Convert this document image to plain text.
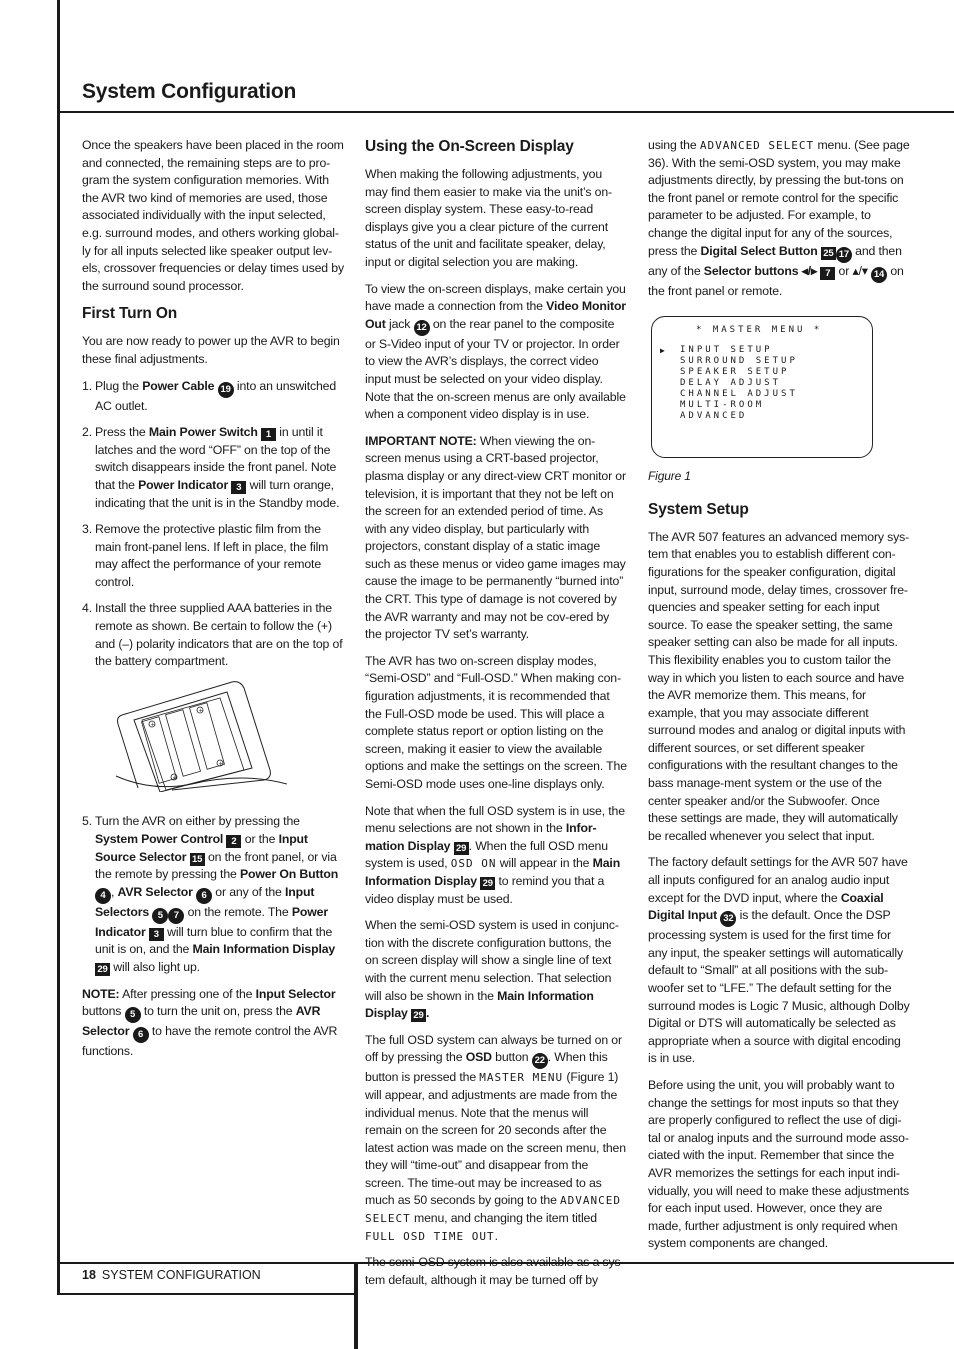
System Configuration

Once the speakers have been placed in the room and connected, the remaining steps are to pro-gram the system configuration memories. With the AVR two kind of memories are used, those associated individually with the input selected, e.g. surround modes, and others working global-ly for all inputs selected like speaker output lev-els, crossover frequencies or delay times used by the surround sound processor.

First Turn On

You are now ready to power up the AVR to begin these final adjustments.

1. Plug the Power Cable 19 into an unswitched AC outlet.
2. Press the Main Power Switch 1 in until it latches and the word “OFF” on the top of the switch disappears inside the front panel. Note that the Power Indicator 3 will turn orange, indicating that the unit is in the Standby mode.
3. Remove the protective plastic film from the main front-panel lens. If left in place, the film may affect the performance of your remote control.
4. Install the three supplied AAA batteries in the remote as shown. Be certain to follow the (+) and (–) polarity indicators that are on the top of the battery compartment.
+
+
+
+
5. Turn the AVR on either by pressing the System Power Control 2 or the Input Source Selector 15 on the front panel, or via the remote by pressing the Power On Button 4 , AVR Selector 6 or any of the Input Selectors 5 7 on the remote. The Power Indicator 3 will turn blue to confirm that the unit is on, and the Main Information Display 29 will also light up.

NOTE: After pressing one of the Input Selector buttons 5 to turn the unit on, press the AVR Selector 6 to have the remote control the AVR functions.

Using the On-Screen Display

When making the following adjustments, you may find them easier to make via the unit’s on-screen display system. These easy-to-read displays give you a clear picture of the current status of the unit and facilitate speaker, delay, input or digital selection you are making.

To view the on-screen displays, make certain you have made a connection from the Video Monitor Out jack 12 on the rear panel to the composite or S-Video input of your TV or projector. In order to view the AVR’s displays, the correct video input must be selected on your video display. Note that the on-screen menus are only available when a component video display is in use.

IMPORTANT NOTE: When viewing the on-screen menus using a CRT-based projector, plasma display or any direct-view CRT monitor or television, it is important that they not be left on the screen for an extended period of time. As with any video display, but particularly with projectors, constant display of a static image such as these menus or video game images may cause the image to be permanently “burned into” the CRT. This type of damage is not covered by the AVR warranty and may not be cov-ered by the projector TV set’s warranty.

The AVR has two on-screen display modes, “Semi-OSD” and “Full-OSD.” When making con-figuration adjustments, it is recommended that the Full-OSD mode be used. This will place a complete status report or option listing on the screen, making it easier to view the available options and make the settings on the screen. The Semi-OSD mode uses one-line displays only.

Note that when the full OSD system is in use, the menu selections are not shown in the Infor-mation Display 29 . When the full OSD menu system is used, OSD ON will appear in the Main Information Display 29 to remind you that a video display must be used.

When the semi-OSD system is used in conjunc-tion with the discrete configuration buttons, the on screen display will show a single line of text with the current menu selection. That selection will also be shown in the Main Information Display 29 .

The full OSD system can always be turned on or off by pressing the OSD button 22 . When this button is pressed the MASTER MENU (Figure 1) will appear, and adjustments are made from the individual menus. Note that the menus will remain on the screen for 20 seconds after the latest action was made on the screen menu, then they will “time-out” and disappear from the screen. The time-out may be increased to as much as 50 seconds by going to the ADVANCED SELECT menu, and changing the item titled FULL OSD TIME OUT.

The semi-OSD system is also available as a sys-tem default, although it may be turned off by

using the ADVANCED SELECT menu. (See page 36). With the semi-OSD system, you may make adjustments directly, by pressing the but-tons on the front panel or remote control for the specific parameter to be adjusted. For example, to change the digital input for any of the sources, press the Digital Select Button 25 17 and then any of the Selector buttons ◂/▸ 7 or ▴/▾ 14 on the front panel or remote.

* MASTER MENU *
▶ INPUT SETUP
SURROUND SETUP
SPEAKER SETUP
DELAY ADJUST
CHANNEL ADJUST
MULTI-ROOM
ADVANCED
Figure 1
System Setup

The AVR 507 features an advanced memory sys-tem that enables you to establish different con-figurations for the speaker configuration, digital input, surround mode, delay times, crossover fre-quencies and speaker setting for each input source. To ease the speaker setting, the same speaker setting can also be made for all inputs. This flexibility enables you to custom tailor the way in which you listen to each source and have the AVR memorize them. This means, for example, that you may associate different surround modes and analog or digital inputs with different sources, or set different speaker configurations with the resultant changes to the bass manage-ment system or the use of the center speaker and/or the Subwoofer. Once these settings are made, they will automatically be recalled whenever you select that input.

The factory default settings for the AVR 507 have all inputs configured for an analog audio input except for the DVD input, where the Coaxial Digital Input 32 is the default. Once the DSP processing system is used for the first time for any input, the speaker settings will automatically default to “Small” at all positions with the sub-woofer set to “LFE.” The default setting for the surround modes is Logic 7 Music, although Dolby Digital or DTS will automatically be selected as appropriate when a source with digital encoding is in use.

Before using the unit, you will probably want to change the settings for most inputs so that they are properly configured to reflect the use of digi-tal or analog inputs and the surround mode asso-ciated with the input. Remember that since the AVR memorizes the settings for each input indi-vidually, you will need to make these adjustments for each input used. However, once they are made, further adjustment is only required when system components are changed.

18 SYSTEM CONFIGURATION
